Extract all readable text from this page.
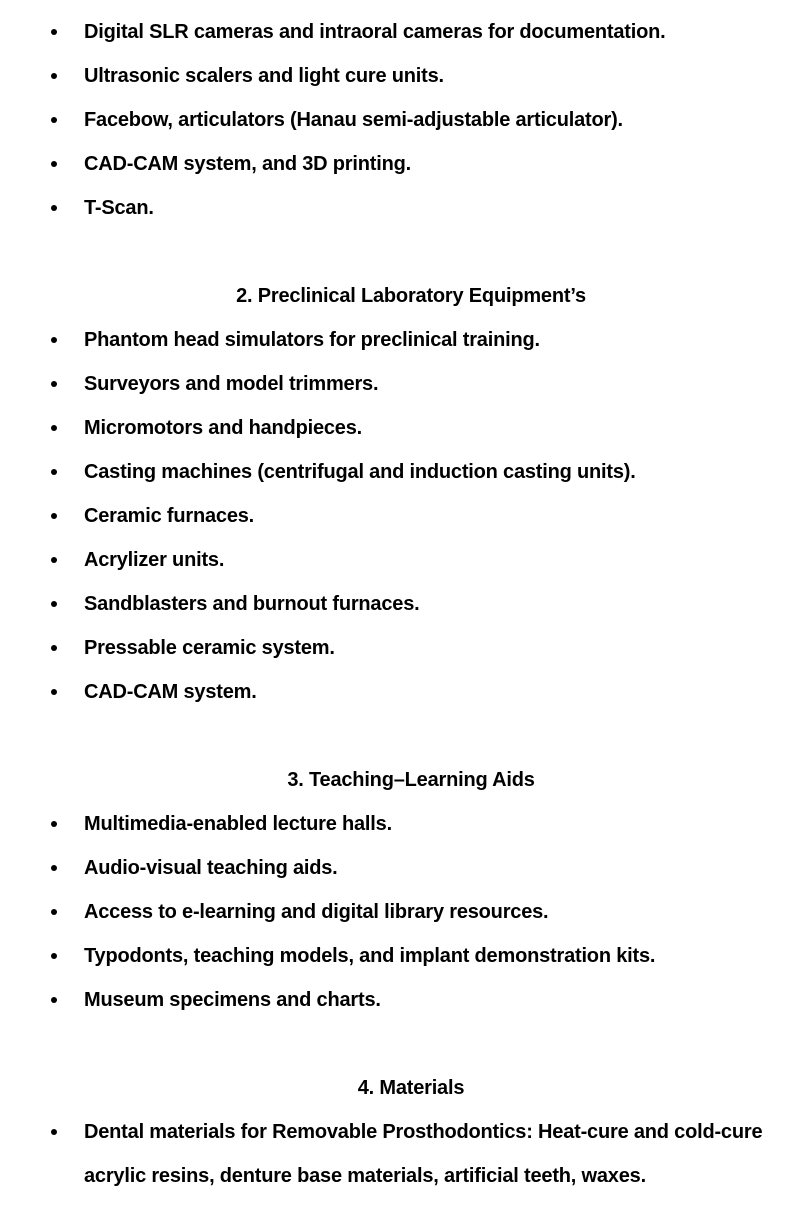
Digital SLR cameras and intraoral cameras for documentation.
Ultrasonic scalers and light cure units.
Facebow, articulators (Hanau semi-adjustable articulator).
CAD-CAM system, and 3D printing.
T-Scan.
2. Preclinical Laboratory Equipment’s
Phantom head simulators for preclinical training.
Surveyors and model trimmers.
Micromotors and handpieces.
Casting machines (centrifugal and induction casting units).
Ceramic furnaces.
Acrylizer units.
Sandblasters and burnout furnaces.
Pressable ceramic system.
CAD-CAM system.
3. Teaching–Learning Aids
Multimedia-enabled lecture halls.
Audio-visual teaching aids.
Access to e-learning and digital library resources.
Typodonts, teaching models, and implant demonstration kits.
Museum specimens and charts.
4. Materials
Dental materials for Removable Prosthodontics: Heat-cure and cold-cure acrylic resins, denture base materials, artificial teeth, waxes.
